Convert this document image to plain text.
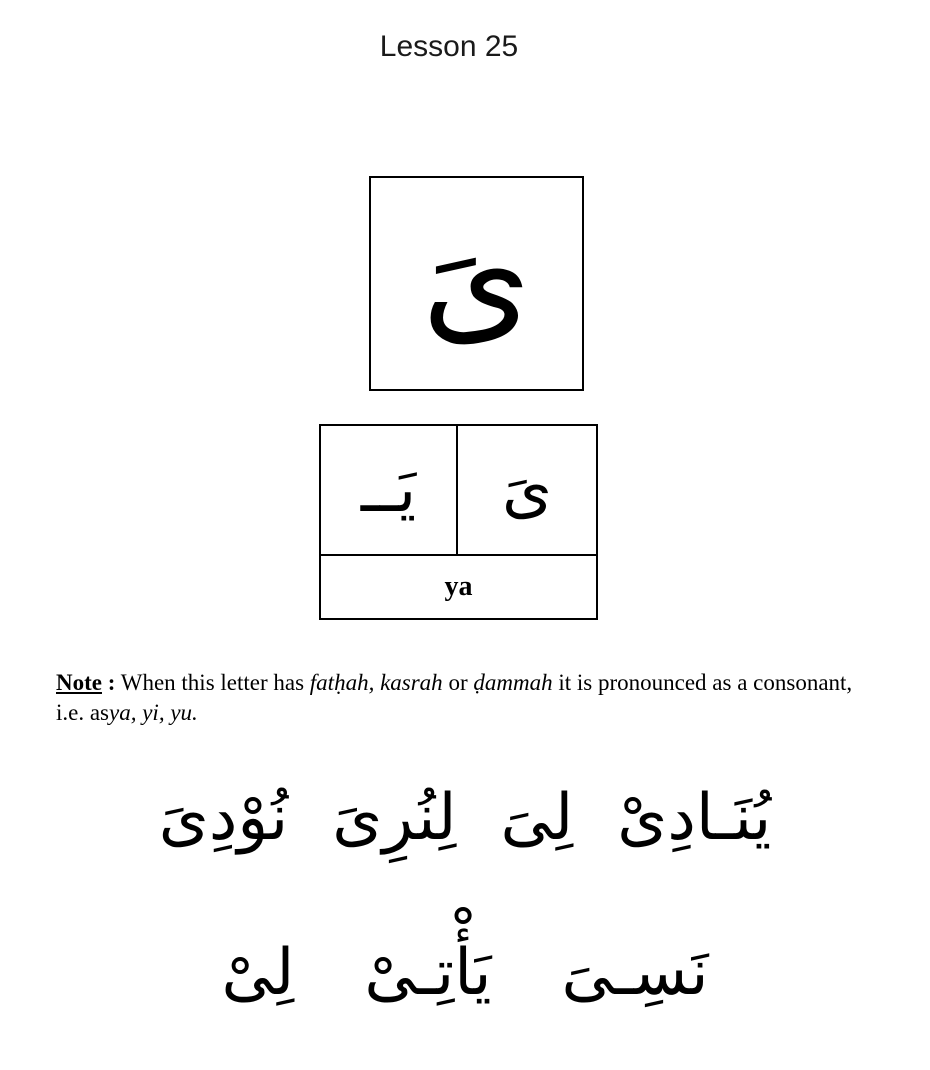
Lesson 25
ىَ
يَــ ىَ
ya
Note : When this letter has fatḥah, kasrah or ḍammah it is pronounced as a consonant, i.e. asya, yi, yu.
نُوْدِىَ لِنُرِىَ لِىَ يُنَـادِىْ
لِىْ يَأْتِـىْ نَسِـىَ
